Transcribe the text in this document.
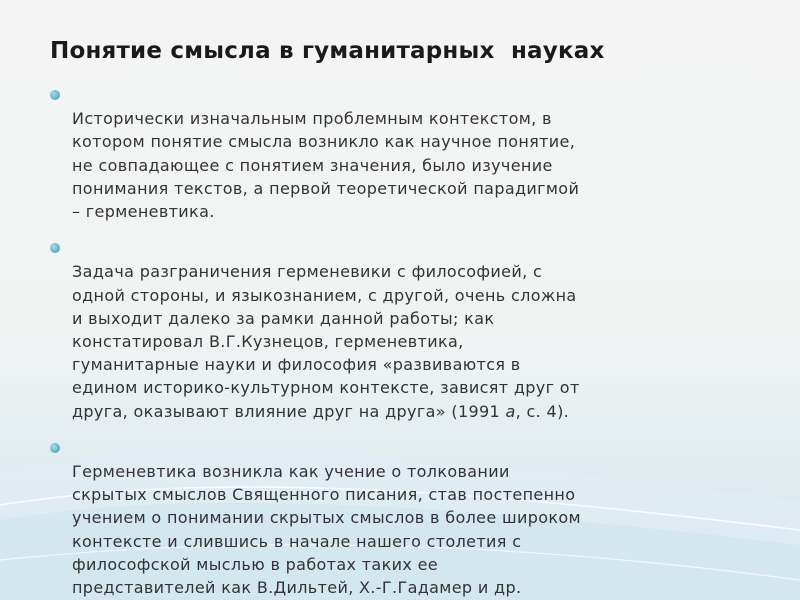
Понятие смысла в гуманитарных  науках

Исторически изначальным проблемным контекстом, в
котором понятие смысла возникло как научное понятие,
не совпадающее с понятием значения, было изучение
понимания текстов, а первой теоретической парадигмой
– герменевтика.

Задача разграничения герменевики с философией, с
одной стороны, и языкознанием, с другой, очень сложна
и выходит далеко за рамки данной работы; как
констатировал В.Г.Кузнецов, герменевтика,
гуманитарные науки и философия «развиваются в
едином историко-культурном контексте, зависят друг от
друга, оказывают влияние друг на друга» (1991 а, с. 4).

Герменевтика возникла как учение о толковании
скрытых смыслов Священного писания, став постепенно
учением о понимании скрытых смыслов в более широком
контексте и слившись в начале нашего столетия с
философской мыслью в работах таких ее
представителей как В.Дильтей, Х.-Г.Гадамер и др.
